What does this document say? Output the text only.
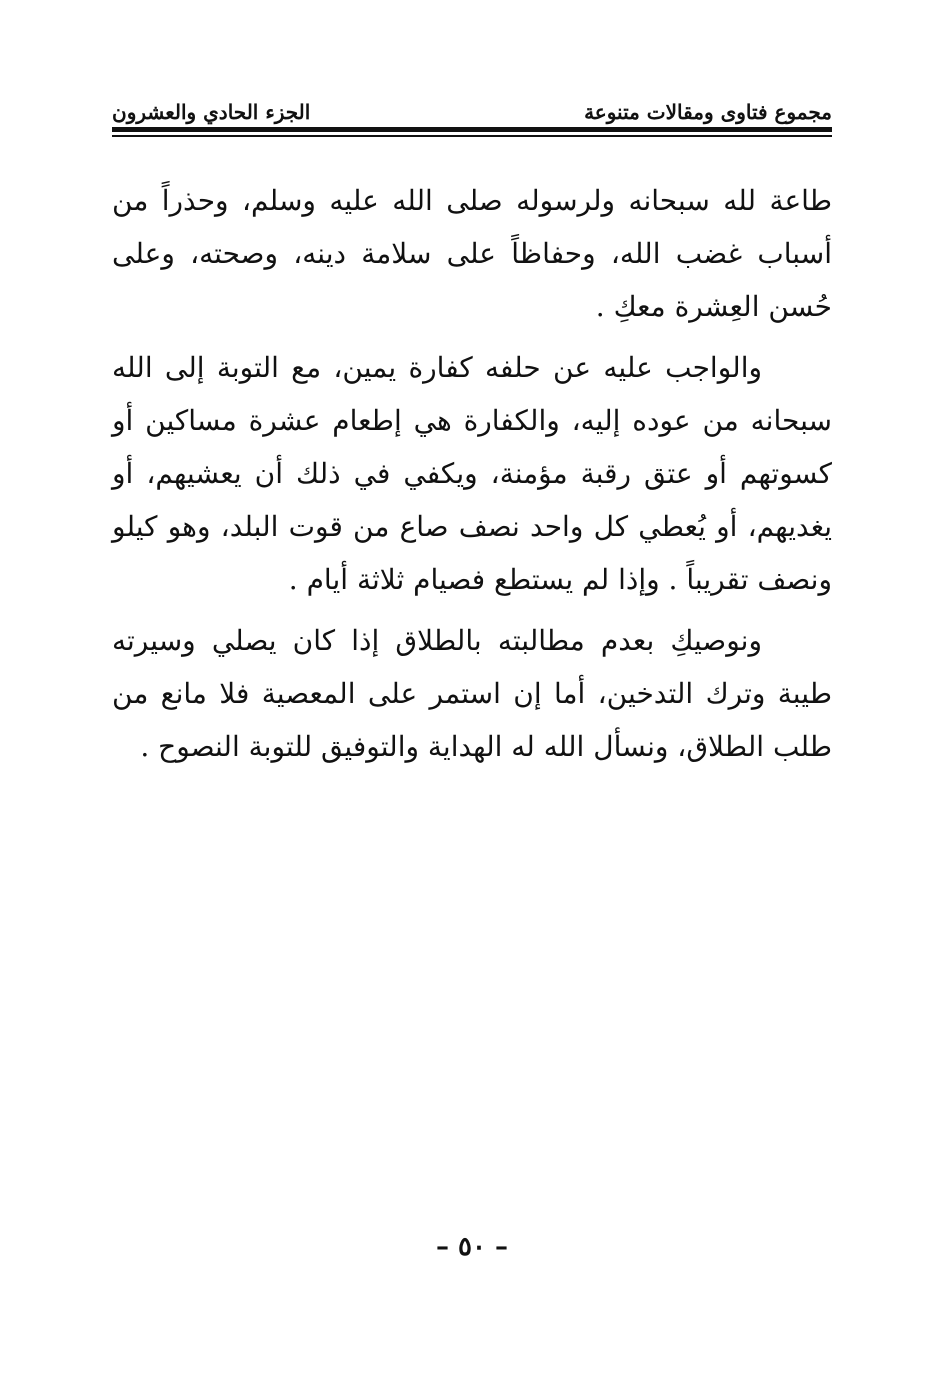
مجموع فتاوى ومقالات متنوعة
الجزء الحادي والعشرون

طاعة لله سبحانه ولرسوله صلى الله عليه وسلم، وحذراً من أسباب غضب الله، وحفاظاً على سلامة دينه، وصحته، وعلى حُسن العِشرة معكِ .

والواجب عليه عن حلفه كفارة يمين، مع التوبة إلى الله سبحانه من عوده إليه، والكفارة هي إطعام عشرة مساكين أو كسوتهم أو عتق رقبة مؤمنة، ويكفي في ذلك أن يعشيهم، أو يغديهم، أو يُعطي كل واحد نصف صاع من قوت البلد، وهو كيلو ونصف تقريباً . وإذا لم يستطع فصيام ثلاثة أيام .

ونوصيكِ بعدم مطالبته بالطلاق إذا كان يصلي وسيرته طيبة وترك التدخين، أما إن استمر على المعصية فلا مانع من طلب الطلاق، ونسأل الله له الهداية والتوفيق للتوبة النصوح .

– ٥٠ –
